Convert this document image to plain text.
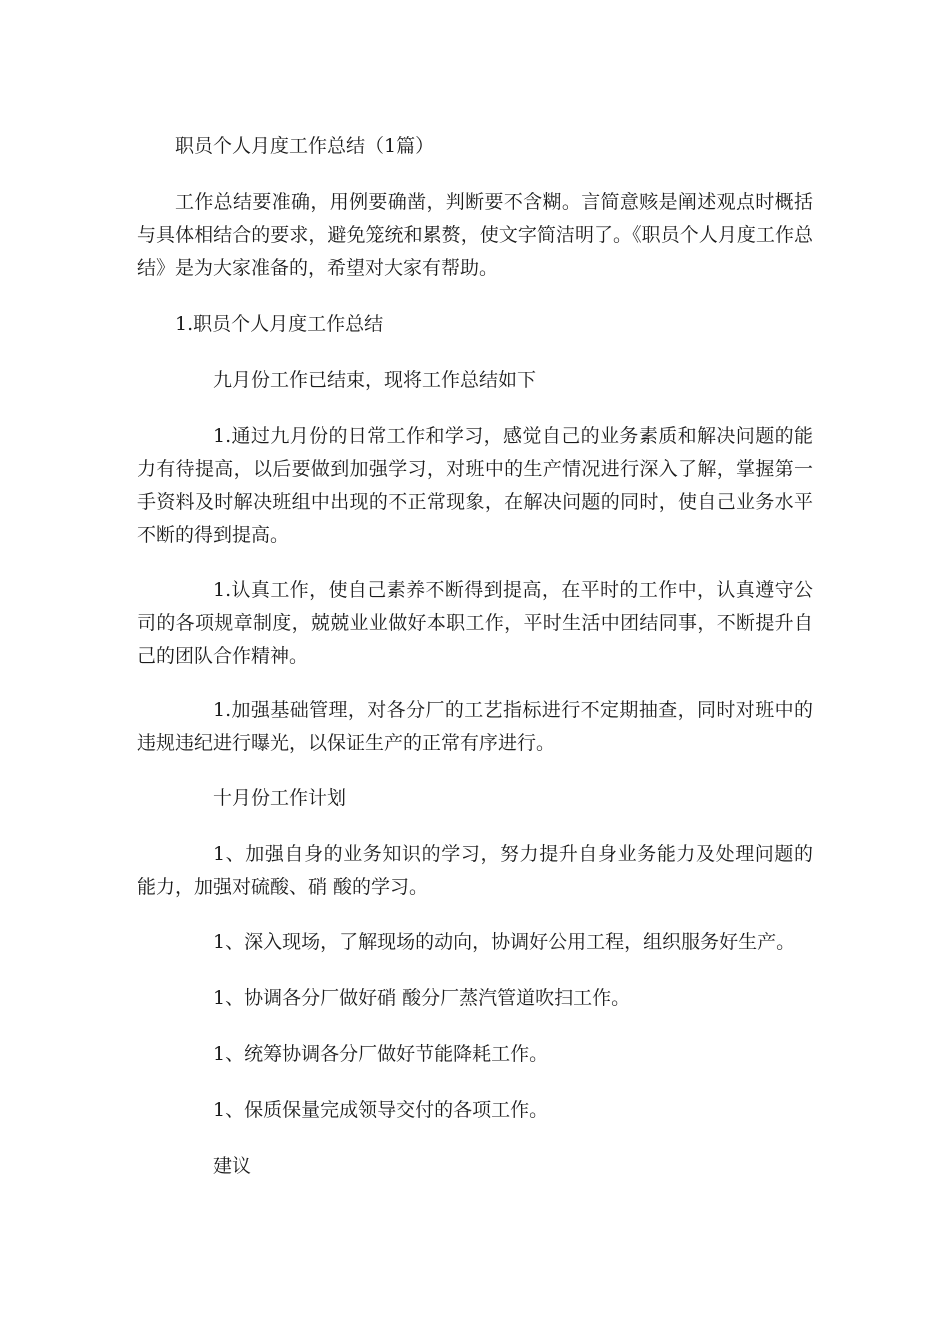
职员个人月度工作总结（1篇）

工作总结要准确，用例要确凿，判断要不含糊。言简意赅是阐述观点时概括与具体相结合的要求，避免笼统和累赘，使文字简洁明了。《职员个人月度工作总结》是为大家准备的，希望对大家有帮助。

1.职员个人月度工作总结

九月份工作已结束，现将工作总结如下

1.通过九月份的日常工作和学习，感觉自己的业务素质和解决问题的能力有待提高，以后要做到加强学习，对班中的生产情况进行深入了解，掌握第一手资料及时解决班组中出现的不正常现象，在解决问题的同时，使自己业务水平不断的得到提高。

1.认真工作，使自己素养不断得到提高，在平时的工作中，认真遵守公司的各项规章制度，兢兢业业做好本职工作，平时生活中团结同事，不断提升自己的团队合作精神。

1.加强基础管理，对各分厂的工艺指标进行不定期抽查，同时对班中的违规违纪进行曝光，以保证生产的正常有序进行。

十月份工作计划

1、加强自身的业务知识的学习，努力提升自身业务能力及处理问题的能力，加强对硫酸、硝 酸的学习。

1、深入现场，了解现场的动向，协调好公用工程，组织服务好生产。

1、协调各分厂做好硝 酸分厂蒸汽管道吹扫工作。

1、统筹协调各分厂做好节能降耗工作。

1、保质保量完成领导交付的各项工作。

建议
